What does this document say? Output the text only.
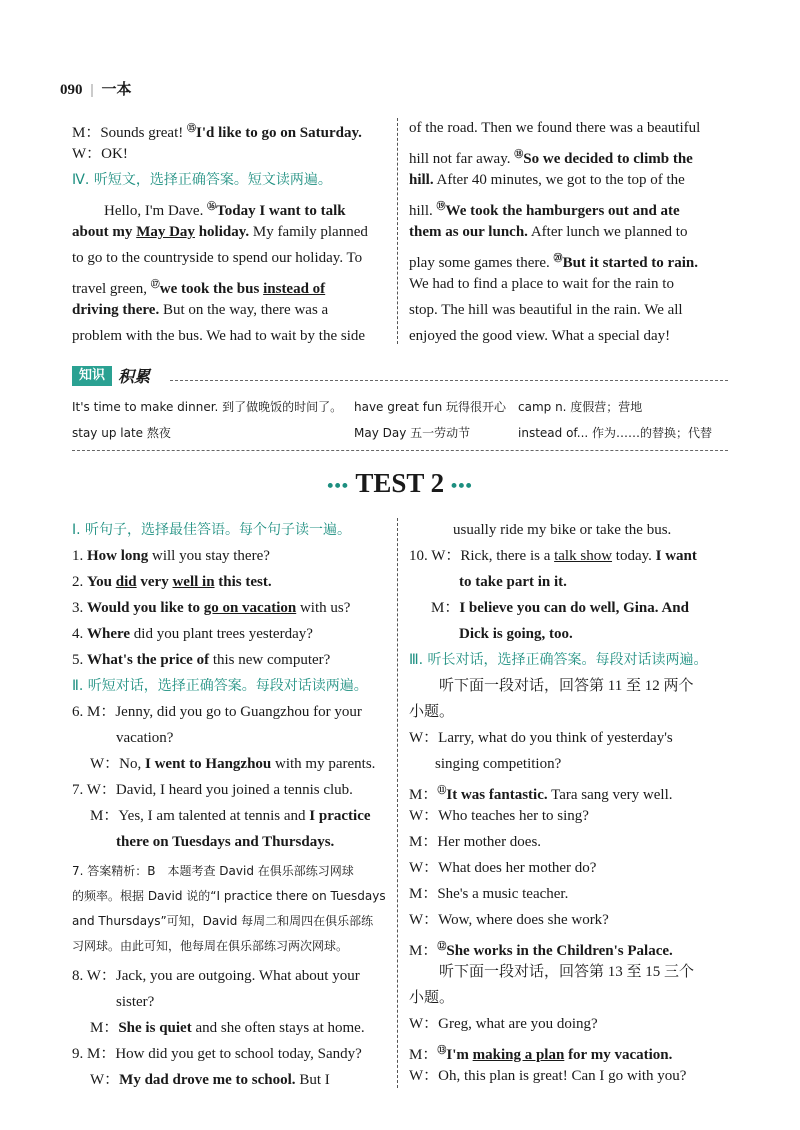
090 | 一本

M：Sounds great! ⑮I'd like to go on Saturday.

W：OK!

Ⅳ. 听短文，选择正确答案。短文读两遍。

Hello, I'm Dave. ⑯Today I want to talk

about my May Day holiday. My family planned

to go to the countryside to spend our holiday. To

travel green, ⑰we took the bus instead of

driving there. But on the way, there was a

problem with the bus. We had to wait by the side

of the road. Then we found there was a beautiful

hill not far away. ⑱So we decided to climb the

hill. After 40 minutes, we got to the top of the

hill. ⑲We took the hamburgers out and ate

them as our lunch. After lunch we planned to

play some games there. ⑳But it started to rain.

We had to find a place to wait for the rain to

stop. The hill was beautiful in the rain. We all

enjoyed the good view. What a special day!

知识 积累
It's time to make dinner. 到了做晚饭的时间了。 have great fun 玩得很开心 camp n. 度假营；营地
stay up late 熬夜	May Day 五一劳动节	instead of... 作为……的替换；代替
••• TEST 2 •••

Ⅰ. 听句子，选择最佳答语。每个句子读一遍。

1. How long will you stay there?

2. You did very well in this test.

3. Would you like to go on vacation with us?

4. Where did you plant trees yesterday?

5. What's the price of this new computer?

Ⅱ. 听短对话，选择正确答案。每段对话读两遍。

6. M：Jenny, did you go to Guangzhou for your

vacation?

W：No, I went to Hangzhou with my parents.

7. W：David, I heard you joined a tennis club.

M：Yes, I am talented at tennis and I practice

there on Tuesdays and Thursdays.

7. 答案精析：B　本题考查 David 在俱乐部练习网球

的频率。根据 David 说的“I practice there on Tuesdays

and Thursdays”可知，David 每周二和周四在俱乐部练

习网球。由此可知，他每周在俱乐部练习两次网球。

8. W：Jack, you are outgoing. What about your

sister?

M：She is quiet and she often stays at home.

9. M：How did you get to school today, Sandy?

W：My dad drove me to school. But I

usually ride my bike or take the bus.

10. W：Rick, there is a talk show today. I want

to take part in it.

M：I believe you can do well, Gina. And

Dick is going, too.

Ⅲ. 听长对话，选择正确答案。每段对话读两遍。

听下面一段对话，回答第 11 至 12 两个

小题。

W：Larry, what do you think of yesterday's

singing competition?

M：⑪It was fantastic. Tara sang very well.

W：Who teaches her to sing?

M：Her mother does.

W：What does her mother do?

M：She's a music teacher.

W：Wow, where does she work?

M：⑫She works in the Children's Palace.

听下面一段对话，回答第 13 至 15 三个

小题。

W：Greg, what are you doing?

M：⑬I'm making a plan for my vacation.

W：Oh, this plan is great! Can I go with you?
